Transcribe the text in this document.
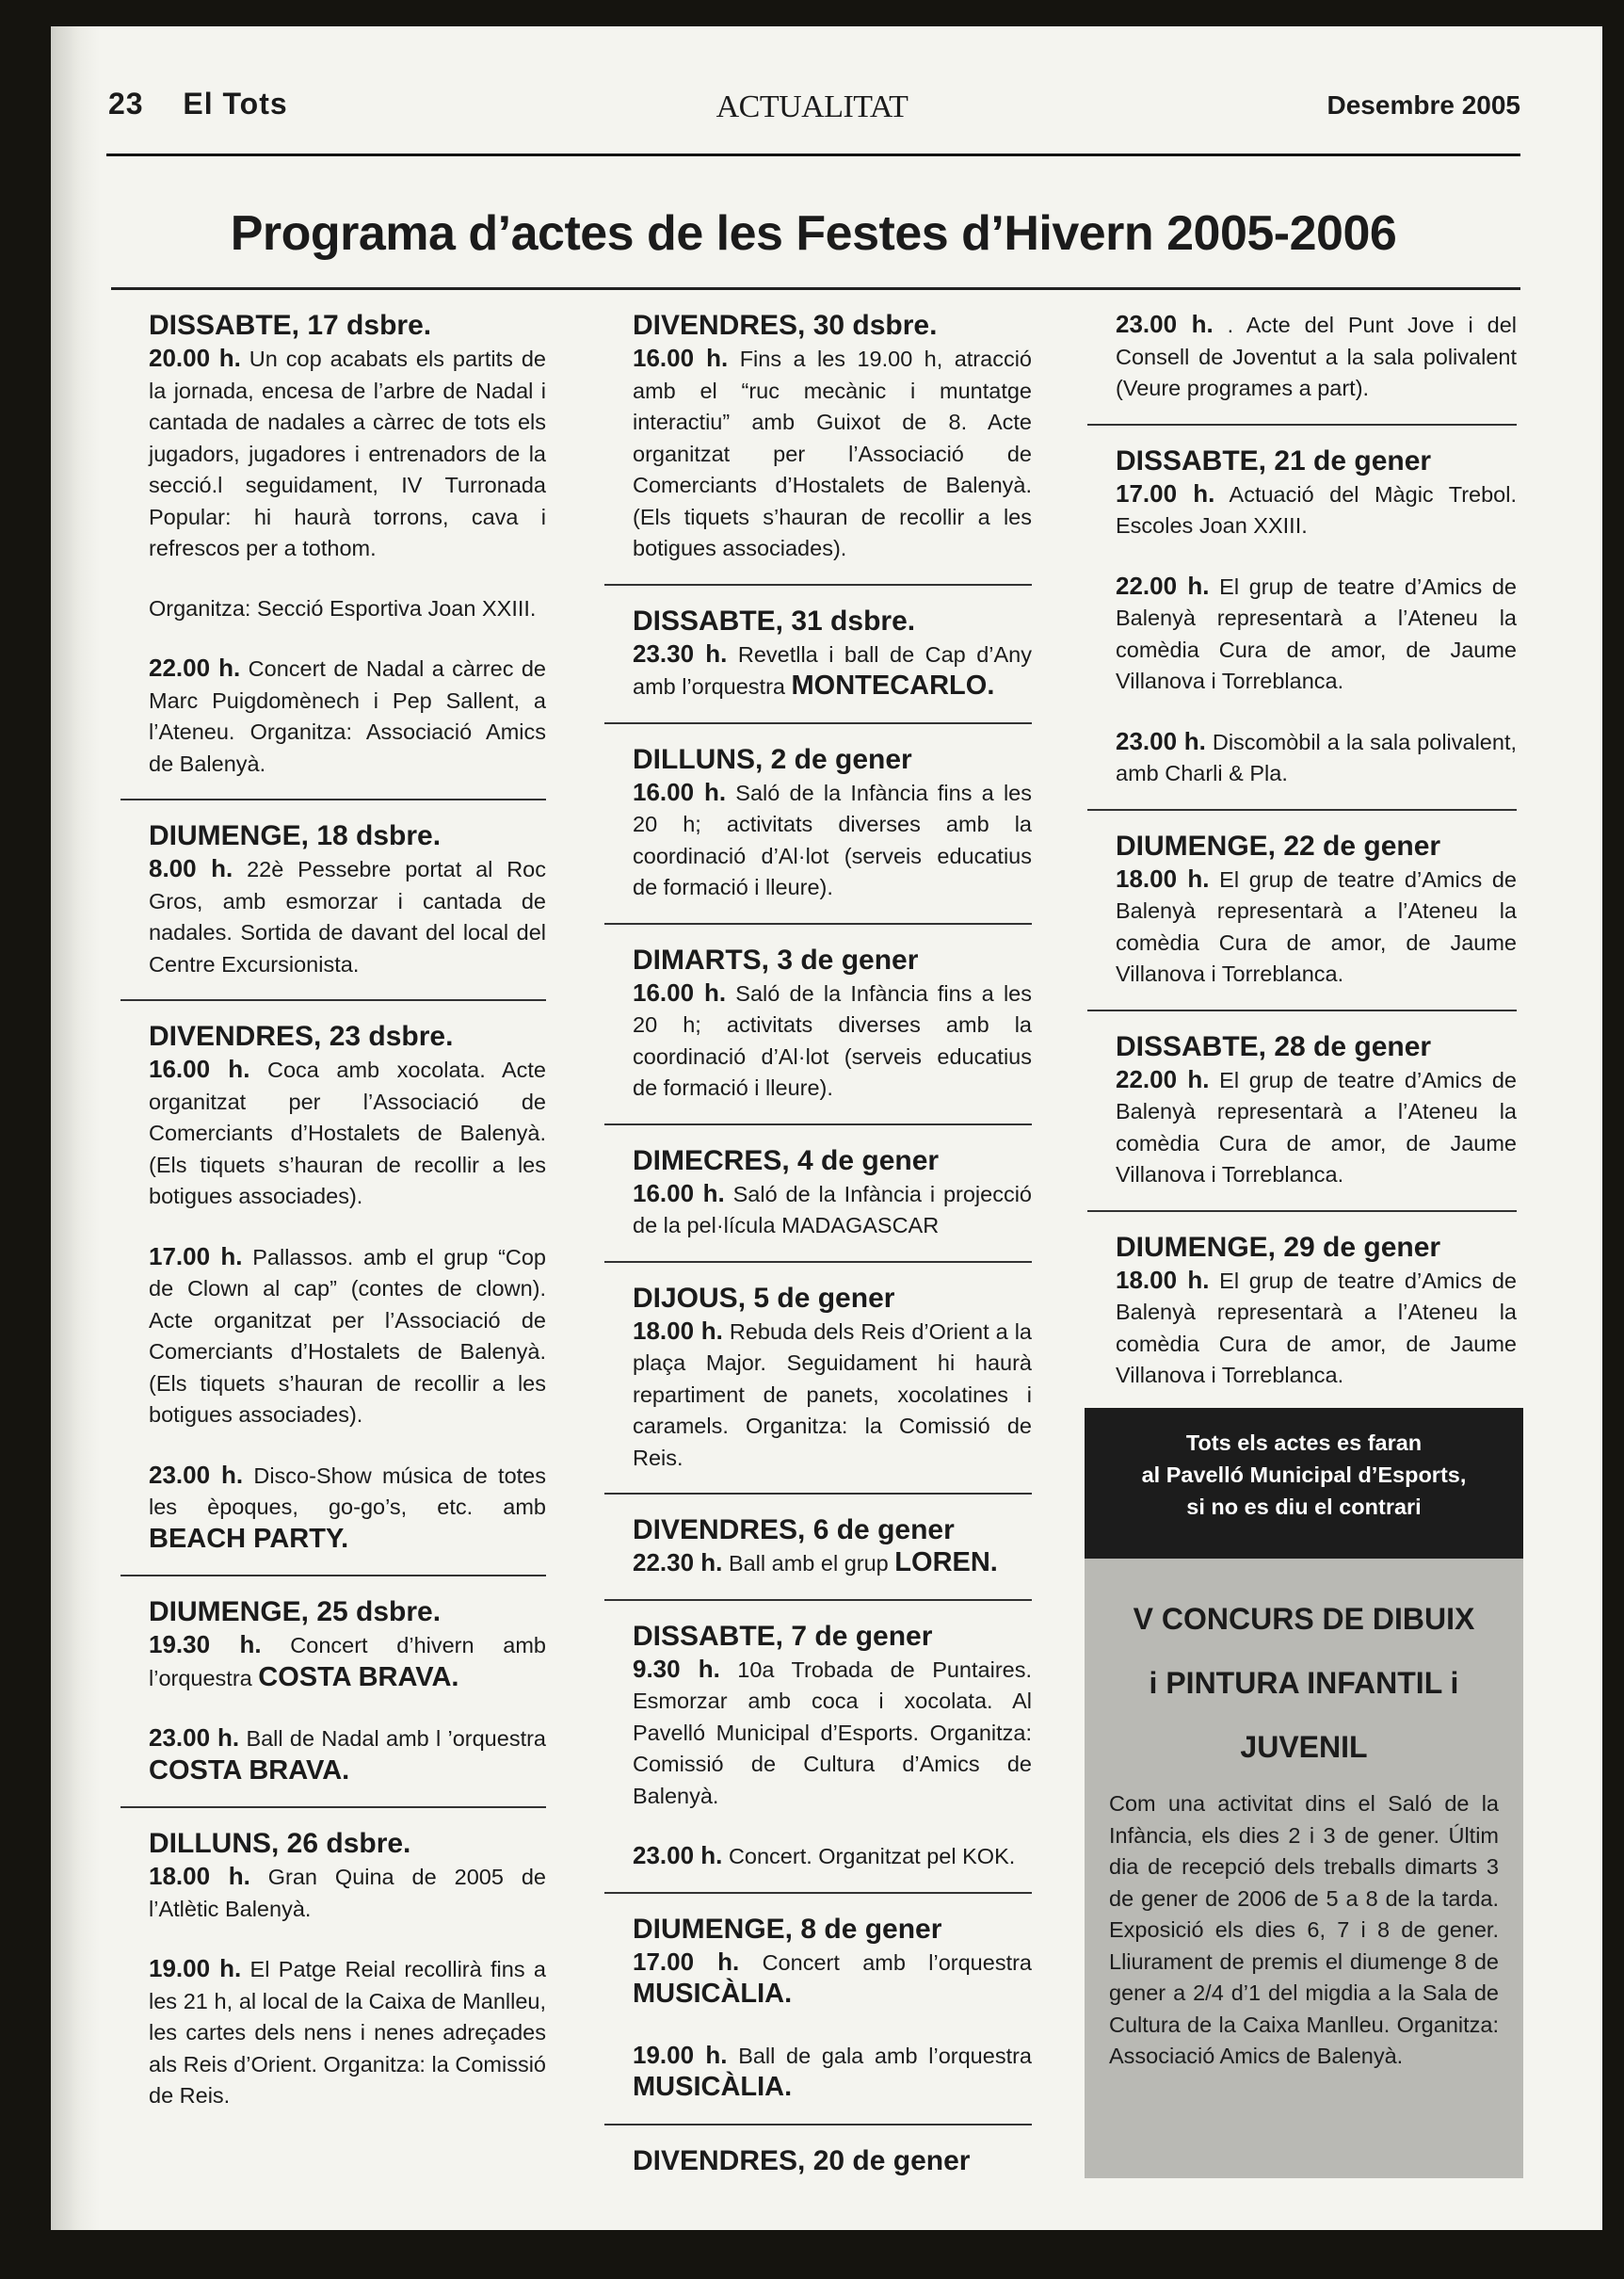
23 El Tots	ACTUALITAT	Desembre 2005
Programa d’actes de les Festes d’Hivern 2005-2006
DISSABTE, 17 dsbre.

20.00 h. Un cop acabats els partits de la jornada, encesa de l’arbre de Nadal i cantada de nadales a càrrec de tots els jugadors, jugadores i entrenadors de la secció.l seguidament, IV Turronada Popular: hi haurà torrons, cava i refrescos per a tothom.

Organitza: Secció Esportiva Joan XXIII.

22.00 h. Concert de Nadal a càrrec de Marc Puigdomènech i Pep Sallent, a l’Ateneu. Organitza: Associació Amics de Balenyà.

DIUMENGE, 18 dsbre.

8.00 h. 22è Pessebre portat al Roc Gros, amb esmorzar i cantada de nadales. Sortida de davant del local del Centre Excursionista.

DIVENDRES, 23 dsbre.

16.00 h. Coca amb xocolata. Acte organitzat per l’Associació de Comerciants d’Hostalets de Balenyà. (Els tiquets s’hauran de recollir a les botigues associades).

17.00 h. Pallassos. amb el grup “Cop de Clown al cap” (contes de clown). Acte organitzat per l’Associació de Comerciants d’Hostalets de Balenyà. (Els tiquets s’hauran de recollir a les botigues associades).

23.00 h. Disco-Show música de totes les èpoques, go-go’s, etc. amb BEACH PARTY.

DIUMENGE, 25 dsbre.

19.30 h. Concert d’hivern amb l’orquestra COSTA BRAVA.

23.00 h. Ball de Nadal amb l ’orquestra COSTA BRAVA.

DILLUNS, 26 dsbre.

18.00 h. Gran Quina de 2005 de l’Atlètic Balenyà.

19.00 h. El Patge Reial recollirà fins a les 21 h, al local de la Caixa de Manlleu, les cartes dels nens i nenes adreçades als Reis d’Orient. Organitza: la Comissió de Reis.

DIVENDRES, 30 dsbre.

16.00 h. Fins a les 19.00 h, atracció amb el “ruc mecànic i muntatge interactiu” amb Guixot de 8. Acte organitzat per l’Associació de Comerciants d’Hostalets de Balenyà. (Els tiquets s’hauran de recollir a les botigues associades).

DISSABTE, 31 dsbre.

23.30 h. Revetlla i ball de Cap d’Any amb l’orquestra MONTECARLO.

DILLUNS, 2 de gener

16.00 h. Saló de la Infància fins a les 20 h; activitats diverses amb la coordinació d’Al·lot (serveis educatius de formació i lleure).

DIMARTS, 3 de gener

16.00 h. Saló de la Infància fins a les 20 h; activitats diverses amb la coordinació d’Al·lot (serveis educatius de formació i lleure).

DIMECRES, 4 de gener

16.00 h. Saló de la Infància i projecció de la pel·lícula MADAGASCAR

DIJOUS, 5 de gener

18.00 h. Rebuda dels Reis d’Orient a la plaça Major. Seguidament hi haurà repartiment de panets, xocolatines i caramels. Organitza: la Comissió de Reis.

DIVENDRES, 6 de gener

22.30 h. Ball amb el grup LOREN.

DISSABTE, 7 de gener

9.30 h. 10a Trobada de Puntaires. Esmorzar amb coca i xocolata. Al Pavelló Municipal d’Esports. Organitza: Comissió de Cultura d’Amics de Balenyà.

23.00 h. Concert. Organitzat pel KOK.

DIUMENGE, 8 de gener

17.00 h. Concert amb l’orquestra MUSICÀLIA.

19.00 h. Ball de gala amb l’orquestra MUSICÀLIA.

DIVENDRES, 20 de gener

23.00 h. . Acte del Punt Jove i del Consell de Joventut a la sala polivalent (Veure programes a part).

DISSABTE, 21 de gener

17.00 h. Actuació del Màgic Trebol. Escoles Joan XXIII.

22.00 h. El grup de teatre d’Amics de Balenyà representarà a l’Ateneu la comèdia Cura de amor, de Jaume Villanova i Torreblanca.

23.00 h. Discomòbil a la sala polivalent, amb Charli & Pla.

DIUMENGE, 22 de gener

18.00 h. El grup de teatre d’Amics de Balenyà representarà a l’Ateneu la comèdia Cura de amor, de Jaume Villanova i Torreblanca.

DISSABTE, 28 de gener

22.00 h. El grup de teatre d’Amics de Balenyà representarà a l’Ateneu la comèdia Cura de amor, de Jaume Villanova i Torreblanca.

DIUMENGE, 29 de gener

18.00 h. El grup de teatre d’Amics de Balenyà representarà a l’Ateneu la comèdia Cura de amor, de Jaume Villanova i Torreblanca.

Tots els actes es faran
al Pavelló Municipal d’Esports,
si no es diu el contrari
V CONCURS DE DIBUIX
i PINTURA INFANTIL i
JUVENIL
Com una activitat dins el Saló de la Infància, els dies 2 i 3 de gener. Últim dia de recepció dels treballs dimarts 3 de gener de 2006 de 5 a 8 de la tarda. Exposició els dies 6, 7 i 8 de gener. Lliurament de premis el diumenge 8 de gener a 2/4 d’1 del migdia a la Sala de Cultura de la Caixa Manlleu. Organitza: Associació Amics de Balenyà.
